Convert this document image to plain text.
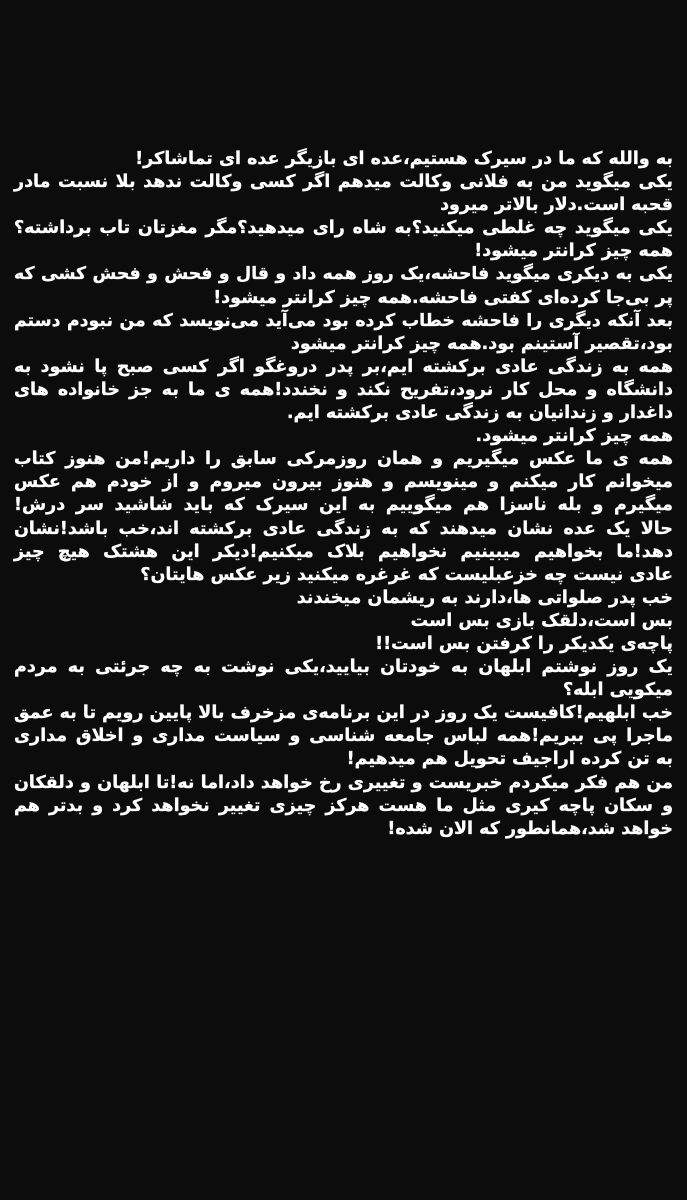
به والله که ما در سیرک هستیم،عده ای بازیگر عده ای تماشاکر!
یکی میگوید من به فلانی وکالت میدهم اگر کسی وکالت ندهد بلا نسبت مادر
قحبه است.دلار بالاتر میرود
یکی میگوید چه غلطی میکنید؟به شاه رای میدهید؟مگر مغزتان تاب برداشته؟
همه چیز کرانتر میشود!
یکی به دیکری میگوید فاحشه،یک روز همه داد و قال و فحش و فحش کشی که
پر بی‌جا کرده‌ای کفتی فاحشه.همه چیز کرانتر میشود!
بعد آنکه دیگری را فاحشه خطاب کرده بود می‌آید می‌نویسد که من نبودم دستم
بود،تقصیر آستینم بود.همه چیز کرانتر میشود
همه به زندگی عادی برکشته ایم،بر پدر دروغگو اگر کسی صبح پا نشود به
دانشگاه و محل کار نرود،تفریح نکند و نخندد!همه ی ما به جز خانواده های
داغدار و زندانیان به زندگی عادی برکشته ایم.
همه چیز کرانتر میشود.
همه ی ما عکس میگیریم و همان روزمرکی سابق را داریم!من هنوز کتاب
میخوانم کار میکنم و مینویسم و هنوز بیرون میروم و از خودم هم عکس
میگیرم و بله ناسزا هم میگوییم به این سیرک که باید شاشید سر درش!
حالا یک عده نشان میدهند که به زندگی عادی برکشته اند،خب باشد!نشان
دهد!ما بخواهیم میبینیم نخواهیم بلاک میکنیم!دیکر این هشتک هیچ چیز
عادی نیست چه خزعبلیست که غرغره میکنید زیر عکس هایتان؟
خب پدر صلواتی ها،دارند به ریشمان میخندند
بس است،دلقک بازی بس است
پاچه‌ی یکدیکر را کرفتن بس است!!
یک روز نوشتم ابلهان به خودتان بیایید،یکی نوشت به چه جرئتی به مردم
میکویی ابله؟
خب ابلهیم!کافیست یک روز در این برنامه‌ی مزخرف بالا پایین رویم تا به عمق
ماجرا پی ببریم!همه لباس جامعه شناسی و سیاست مداری و اخلاق مداری
به تن کرده اراجیف تحویل هم میدهیم!
من هم فکر میکردم خبریست و تغییری رخ خواهد داد،اما نه!تا ابلهان و دلقکان
و سکان پاچه کیری مثل ما هست هرکز چیزی تغییر نخواهد کرد و بدتر هم
خواهد شد،همانطور که الان شده!
